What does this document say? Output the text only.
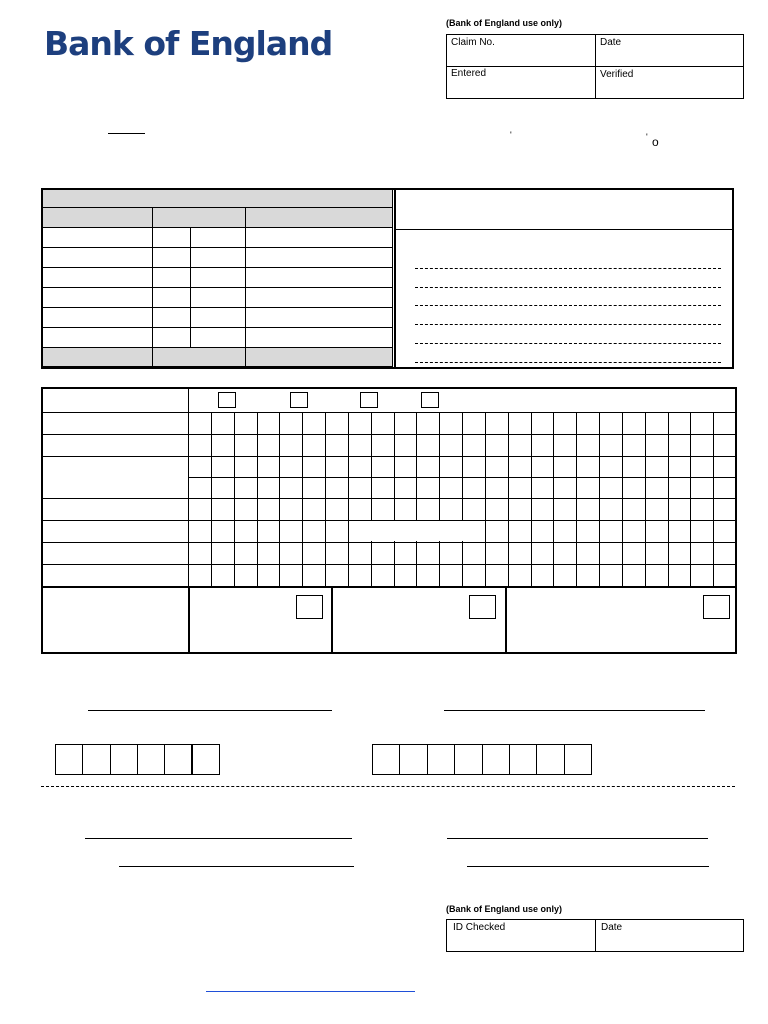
Bank of England
(Bank of England use only)
Claim No.	Date
Entered	Verified
'	' o

(Bank of England use only)
ID Checked	Date
